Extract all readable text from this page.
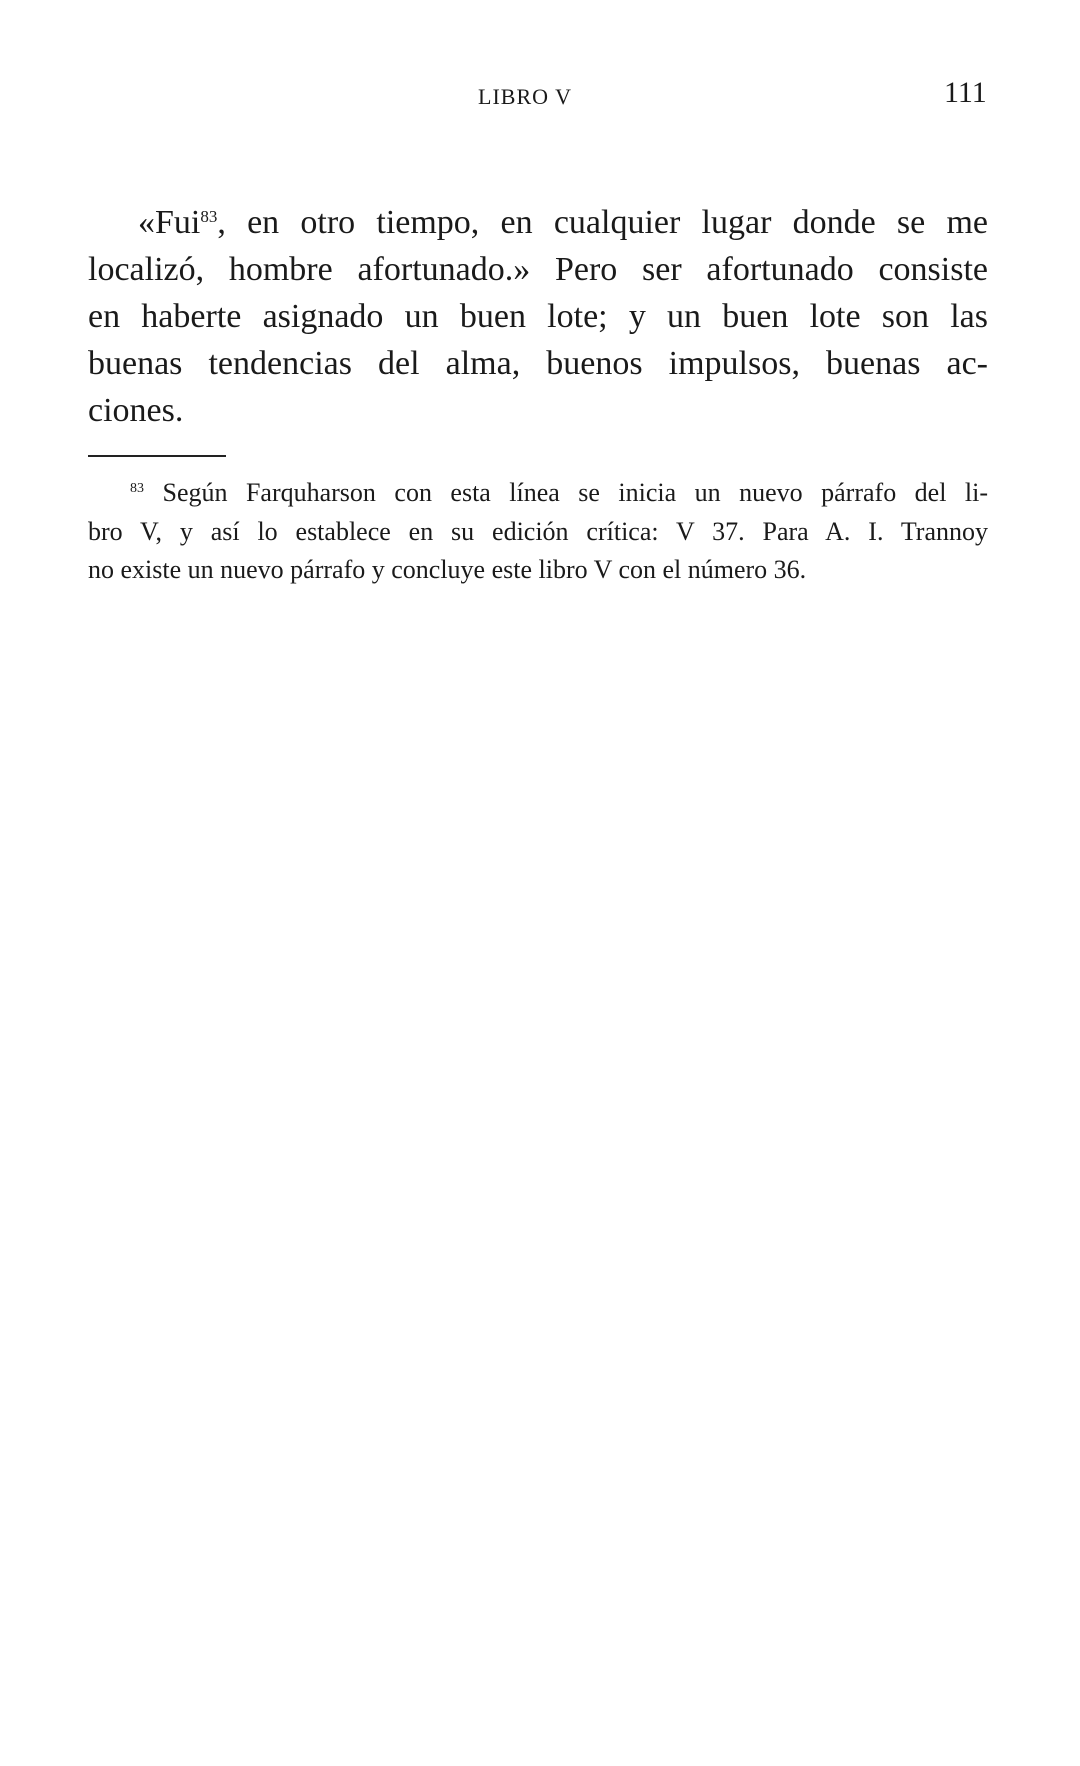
LIBRO V	111
«Fui$^{83}$, en otro tiempo, en cualquier lugar donde se me
localizó, hombre afortunado.» Pero ser afortunado consiste
en haberte asignado un buen lote; y un buen lote son las
buenas tendencias del alma, buenos impulsos, buenas ac-
ciones.
$^{83}$ Según Farquharson con esta línea se inicia un nuevo párrafo del li-
bro V, y así lo establece en su edición crítica: V 37. Para A. I. Trannoy
no existe un nuevo párrafo y concluye este libro V con el número 36.
